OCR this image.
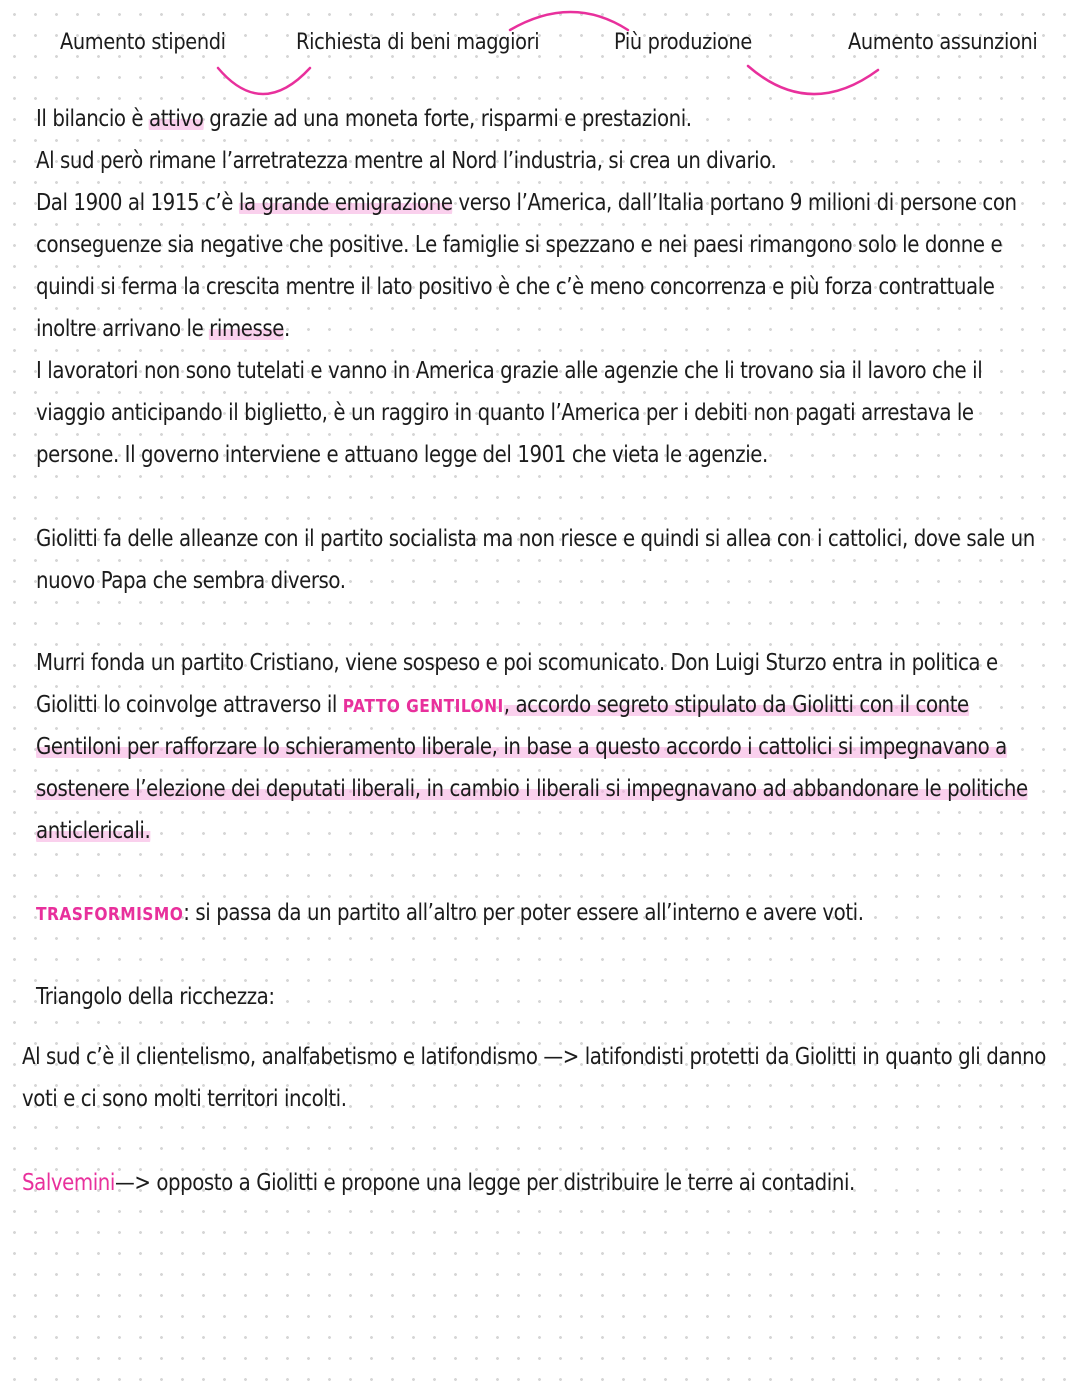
Aumento stipendi	Richiesta di beni maggiori	Più produzione	Aumento assunzioni
Il bilancio è attivo grazie ad una moneta forte, risparmi e prestazioni.
Al sud però rimane l’arretratezza mentre al Nord l’industria, si crea un divario.
Dal 1900 al 1915 c’è la grande emigrazione verso l’America, dall’Italia portano 9 milioni di persone con
conseguenze sia negative che positive. Le famiglie si spezzano e nei paesi rimangono solo le donne e
quindi si ferma la crescita mentre il lato positivo è che c’è meno concorrenza e più forza contrattuale
inoltre arrivano le rimesse.
I lavoratori non sono tutelati e vanno in America grazie alle agenzie che li trovano sia il lavoro che il
viaggio anticipando il biglietto, è un raggiro in quanto l’America per i debiti non pagati arrestava le
persone. Il governo interviene e attuano legge del 1901 che vieta le agenzie.
Giolitti fa delle alleanze con il partito socialista ma non riesce e quindi si allea con i cattolici, dove sale un
nuovo Papa che sembra diverso.
Murri fonda un partito Cristiano, viene sospeso e poi scomunicato. Don Luigi Sturzo entra in politica e
Giolitti lo coinvolge attraverso il PATTO GENTILONI, accordo segreto stipulato da Giolitti con il conte
Gentiloni per rafforzare lo schieramento liberale, in base a questo accordo i cattolici si impegnavano a
sostenere l’elezione dei deputati liberali, in cambio i liberali si impegnavano ad abbandonare le politiche
anticlericali.
TRASFORMISMO: si passa da un partito all’altro per poter essere all’interno e avere voti.
Triangolo della ricchezza:
Al sud c’è il clientelismo, analfabetismo e latifondismo —> latifondisti protetti da Giolitti in quanto gli danno
voti e ci sono molti territori incolti.
Salvemini—> opposto a Giolitti e propone una legge per distribuire le terre ai contadini.
